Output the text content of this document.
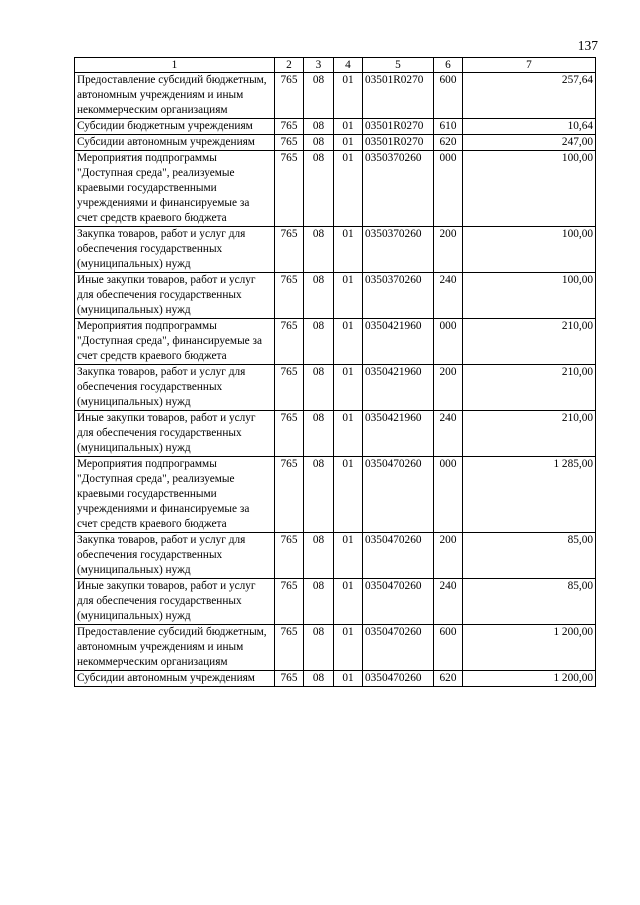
137
1	2	3	4	5	6	7
Предоставление субсидий бюджетным, автономным учреждениям и иным некоммерческим организациям	765	08	01	03501R0270	600	257,64
Субсидии бюджетным учреждениям	765	08	01	03501R0270	610	10,64
Субсидии автономным учреждениям	765	08	01	03501R0270	620	247,00
Мероприятия подпрограммы "Доступная среда", реализуемые краевыми государственными учреждениями и финансируемые за счет средств краевого бюджета	765	08	01	0350370260	000	100,00
Закупка товаров, работ и услуг для обеспечения государственных (муниципальных) нужд	765	08	01	0350370260	200	100,00
Иные закупки товаров, работ и услуг для обеспечения государственных (муниципальных) нужд	765	08	01	0350370260	240	100,00
Мероприятия подпрограммы "Доступная среда", финансируемые за счет средств краевого бюджета	765	08	01	0350421960	000	210,00
Закупка товаров, работ и услуг для обеспечения государственных (муниципальных) нужд	765	08	01	0350421960	200	210,00
Иные закупки товаров, работ и услуг для обеспечения государственных (муниципальных) нужд	765	08	01	0350421960	240	210,00
Мероприятия подпрограммы "Доступная среда", реализуемые краевыми государственными учреждениями и финансируемые за счет средств краевого бюджета	765	08	01	0350470260	000	1 285,00
Закупка товаров, работ и услуг для обеспечения государственных (муниципальных) нужд	765	08	01	0350470260	200	85,00
Иные закупки товаров, работ и услуг для обеспечения государственных (муниципальных) нужд	765	08	01	0350470260	240	85,00
Предоставление субсидий бюджетным, автономным учреждениям и иным некоммерческим организациям	765	08	01	0350470260	600	1 200,00
Субсидии автономным учреждениям	765	08	01	0350470260	620	1 200,00
